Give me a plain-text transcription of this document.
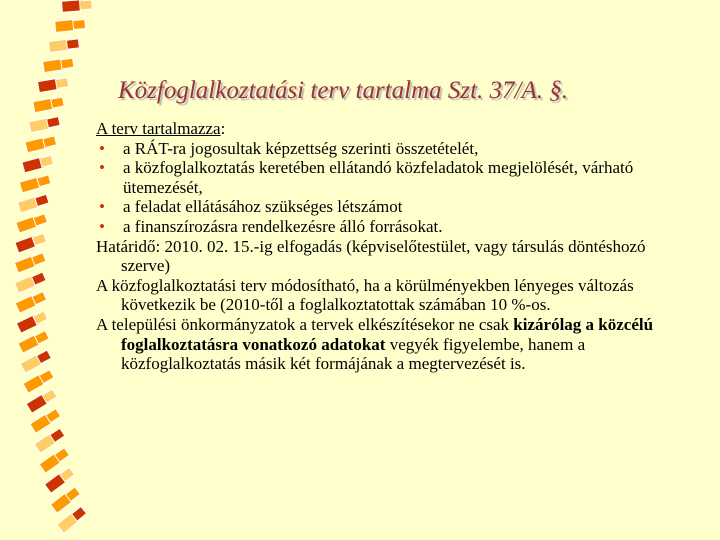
Közfoglalkoztatási terv tartalma Szt. 37/A. §.
A terv tartalmazza:
• a RÁT-ra jogosultak képzettség szerinti összetételét,
• a közfoglalkoztatás keretében ellátandó közfeladatok megjelölését, várható ütemezését,
• a feladat ellátásához szükséges létszámot
• a finanszírozásra rendelkezésre álló forrásokat.
Határidő: 2010. 02. 15.-ig elfogadás (képviselőtestület, vagy társulás döntéshozó szerve)
A közfoglalkoztatási terv módosítható, ha a körülményekben lényeges változás következik be (2010-től a foglalkoztatottak számában 10 %-os.
A települési önkormányzatok a tervek elkészítésekor ne csak kizárólag a közcélú foglalkoztatásra vonatkozó adatokat vegyék figyelembe, hanem a közfoglalkoztatás másik két formájának a megtervezését is.
